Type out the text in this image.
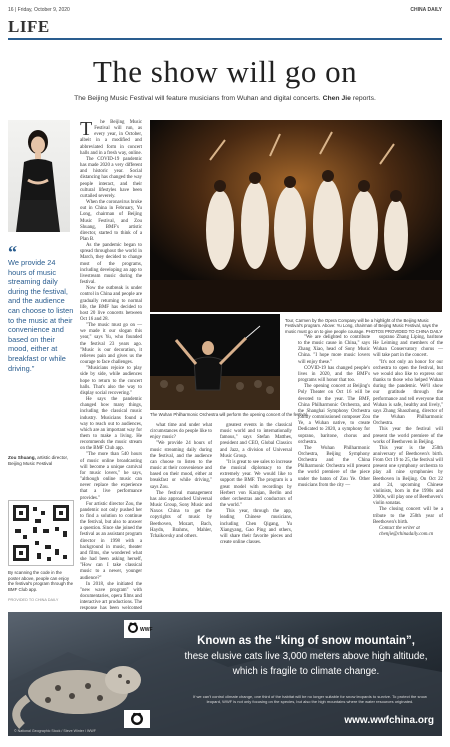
16 | Friday, October 9, 2020	CHINA DAILY
LIFE
The show will go on
The Beijing Music Festival will feature musicians from Wuhan and digital concerts. Chen Jie reports.
“
We provide 24 hours of music streaming daily during the festival, and the audience can choose to listen to the music at their convenience and based on their mood, either at breakfast or while driving.”
Zou Shuang, artistic director, Beijing Music Festival
By scanning the code in the poster above, people can enjoy the festival's program through the BMF Club app.
PROVIDED TO CHINA DAILY

T he Beijing Music Festival will run, as every year, in October, albeit in a modified and abbreviated form in concert halls and in a fresh way, online.

The COVID-19 pandemic has made 2020 a very different and historic year. Social distancing has changed the way people interact, and their cultural lifestyles have been curtailed severely.

When the coronavirus broke out in China in February, Yu Long, chairman of Beijing Music Festival, and Zou Shuang, BMF's artistic director, started to think of a Plan B.

As the pandemic began to spread throughout the world in March, they decided to change most of the programs, including developing an app to livestream music during the festival.

Now the outbreak is under control in China and people are gradually returning to normal life, the BMF has decided to host 20 live concerts between Oct 16 and 28.

"The music must go on — we made it our slogan this year," says Yu, who founded the festival 23 years ago. "Music is our decoration, it relieves pain and gives us the courage to face challenges.

"Musicians rejoice to play side by side, while audiences hope to return to the concert halls. That's also the way to display social recovering."

He says the pandemic changed how many things, including the classical music industry. Musicians found a way to reach out to audiences, which are an important way for them to make a living. He recommends the music stream on the BMF Club app.

"The more than 540 hours of music online broadcasting will become a unique carnival for music lovers," he says, "although online music can never replace the experience that a live performance provides."

For artistic director Zou, the pandemic not only pushed her to find a solution to continue the festival, but also to answer a question. Since she joined the festival as an assistant program director in 1998 with a background in music, theater and films, she wondered what she had been asking herself, "How can I take classical music to a newer, younger audience?"

In 2018, she initiated the "new wave program" with documentaries, opera films and interactive art productions. The response has been welcomed

Tour, Carmen by the Opera Company will be a highlight of the Beijing Music Festival's program. Above: Yu Long, chairman of Beijing Music Festival, says the music must go on to give people courage. PHOTOS PROVIDED TO CHINA DAILY
The Wuhan Philharmonic Orchestra will perform the opening concert of the festival.

what time and under what circumstances do people like to enjoy music?

"We provide 24 hours of music streaming daily during the festival, and the audience can choose to listen to the music at their convenience and based on their mood, either at breakfast or while driving," says Zou.

The festival management has also approached Universal Music Group, Sony Music and Naxos China to get the copyrights of music by Beethoven, Mozart, Bach, Haydn, Brahms, Mahler, Tchaikovsky and others.

greatest events in the classical music world and to internationally famous," says Stefan Matthes, president and CEO, Global Classics and Jazz, a division of Universal Music Group.

"It is great to see sales to increase the musical diplomacy to the extremely year. We would like to support the BMF. The program is a great model with recordings by Herbert von Karajan, Berlin and other orchestras and conductors of the world."

This year, through the app, leading Chinese musicians, including Chen Qigang, Yu Xiangyang, Gao Ping and others, will share their favorite pieces and create online classes.

"We are delighted to contribute to the music cause in China," says Zhang Xiao, head of Sony Music China. "I hope more music lovers will enjoy these."

COVID-19 has changed people's lives in 2020, and the BMF's programs will honor that too.

The opening concert at Beijing's Poly Theater on Oct 16 will be devoted to the year. The BMF, China Philharmonic Orchestra, and the Shanghai Symphony Orchestra jointly commissioned composer Zou Ye, a Wuhan native, to create Dedicated to 2020, a symphony for soprano, baritone, chorus and orchestra.

The Wuhan Philharmonic Orchestra, Beijing Symphony Orchestra and the China Philharmonic Orchestra will present the world premiere of the piece under the baton of Zou Ye. Other musicians from the city —

soprano Zhang Liping, baritone He Leiming and members of the Wuhan Conservatory chorus — will take part in the concert.

"It's not only an honor for our orchestra to open the festival, but we would also like to express our thanks to those who helped Wuhan during the pandemic. We'll show our gratitude through the performance and tell everyone that Wuhan is safe, healthy and lively," says Zhang Shaozhong, director of the Wuhan Philharmonic Orchestra.

This year the festival will present the world premiere of the works of Beethoven in Beijing.

This year is the 250th anniversary of Beethoven's birth. From Oct 19 to 25, the festival will present one symphony orchestra to play all nine symphonies by Beethoven in Beijing. On Oct 22 and 24, upcoming Chinese violinists, born in the 1990s and 2000s, will play one of Beethoven's violin sonatas.

The closing concert will be a tribute to the 250th year of Beethoven's birth.

Contact the writer at

chenjie@chinadaily.com.cn

WWF
Known as the “king of snow mountain”,
these elusive cats live 3,000 meters above high altitude,
which is fragile to climate change.
If we can't control climate change, one third of the habitat will be no longer suitable for snow leopards to survive. To protect the snow leopard, WWF is not only focusing on the species, but also the high mountains where the water resources originated.
www.wwfchina.org
© National Geographic Stock / Steve Winter / WWF
